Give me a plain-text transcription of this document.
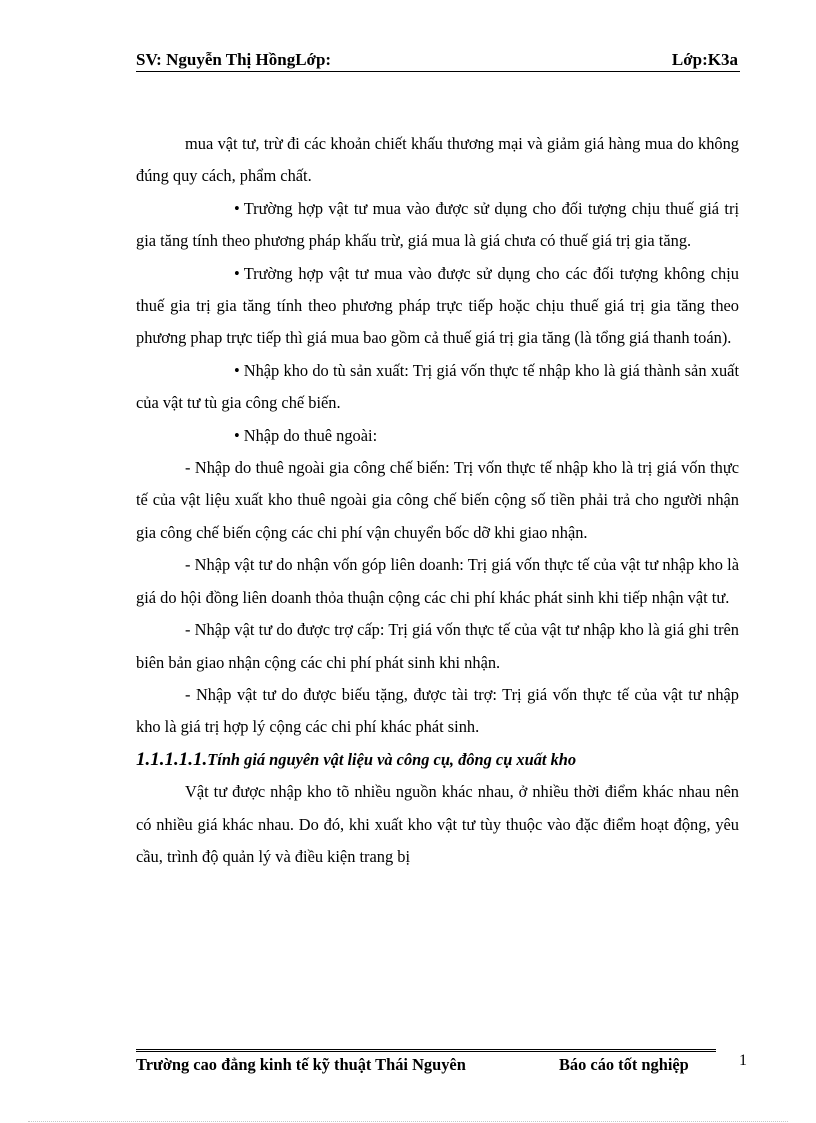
SV: Nguyễn Thị HồngLớp:	Lớp:K3a

mua vật tư, trừ đi các khoản chiết khấu thương mại và giảm giá hàng mua do không đúng quy cách, phẩm chất.

• Trường hợp vật tư mua vào được sử dụng cho đối tượng chịu thuế giá trị gia tăng tính theo phương pháp khấu trừ, giá mua là giá chưa có thuế giá trị gia tăng.

• Trường hợp vật tư mua vào được sử dụng cho các đối tượng không chịu thuế gia trị gia tăng tính theo phương pháp trực tiếp hoặc chịu thuế giá trị gia tăng theo phương phap trực tiếp thì giá mua bao gồm cả thuế giá trị gia tăng (là tổng giá thanh toán).

• Nhập kho do tù sản xuất: Trị giá vốn thực tế nhập kho là giá thành sản xuất của vật tư tù gia công chế biến.

• Nhập do thuê ngoài:

- Nhập do thuê ngoài gia công chế biến: Trị vốn thực tế nhập kho là trị giá vốn thực tế của vật liệu xuất kho thuê ngoài gia công chế biến cộng số tiền phải trả cho người nhận gia công chế biến cộng các chi phí vận chuyển bốc dỡ khi giao nhận.

- Nhập vật tư do nhận vốn góp liên doanh: Trị giá vốn thực tế của vật tư nhập kho là giá do hội đồng liên doanh thỏa thuận cộng các chi phí khác phát sinh khi tiếp nhận vật tư.

- Nhập vật tư do được trợ cấp: Trị giá vốn thực tế của vật tư nhập kho là giá ghi trên biên bản giao nhận cộng các chi phí phát sinh khi nhận.

- Nhập vật tư do được biếu tặng, được tài trợ: Trị giá vốn thực tế của vật tư nhập kho là giá trị hợp lý cộng các chi phí khác phát sinh.

1.1.1.1.1.Tính giá nguyên vật liệu và công cụ, đông cụ xuất kho

Vật tư được nhập kho tõ nhiều nguồn khác nhau, ở nhiều thời điểm khác nhau nên có nhiều giá khác nhau. Do đó, khi xuất kho vật tư tùy thuộc vào đặc điểm hoạt động, yêu cầu, trình độ quản lý và điều kiện trang bị

Trường cao đẳng kinh tế kỹ thuật Thái Nguyên	Báo cáo tốt nghiệp	1
